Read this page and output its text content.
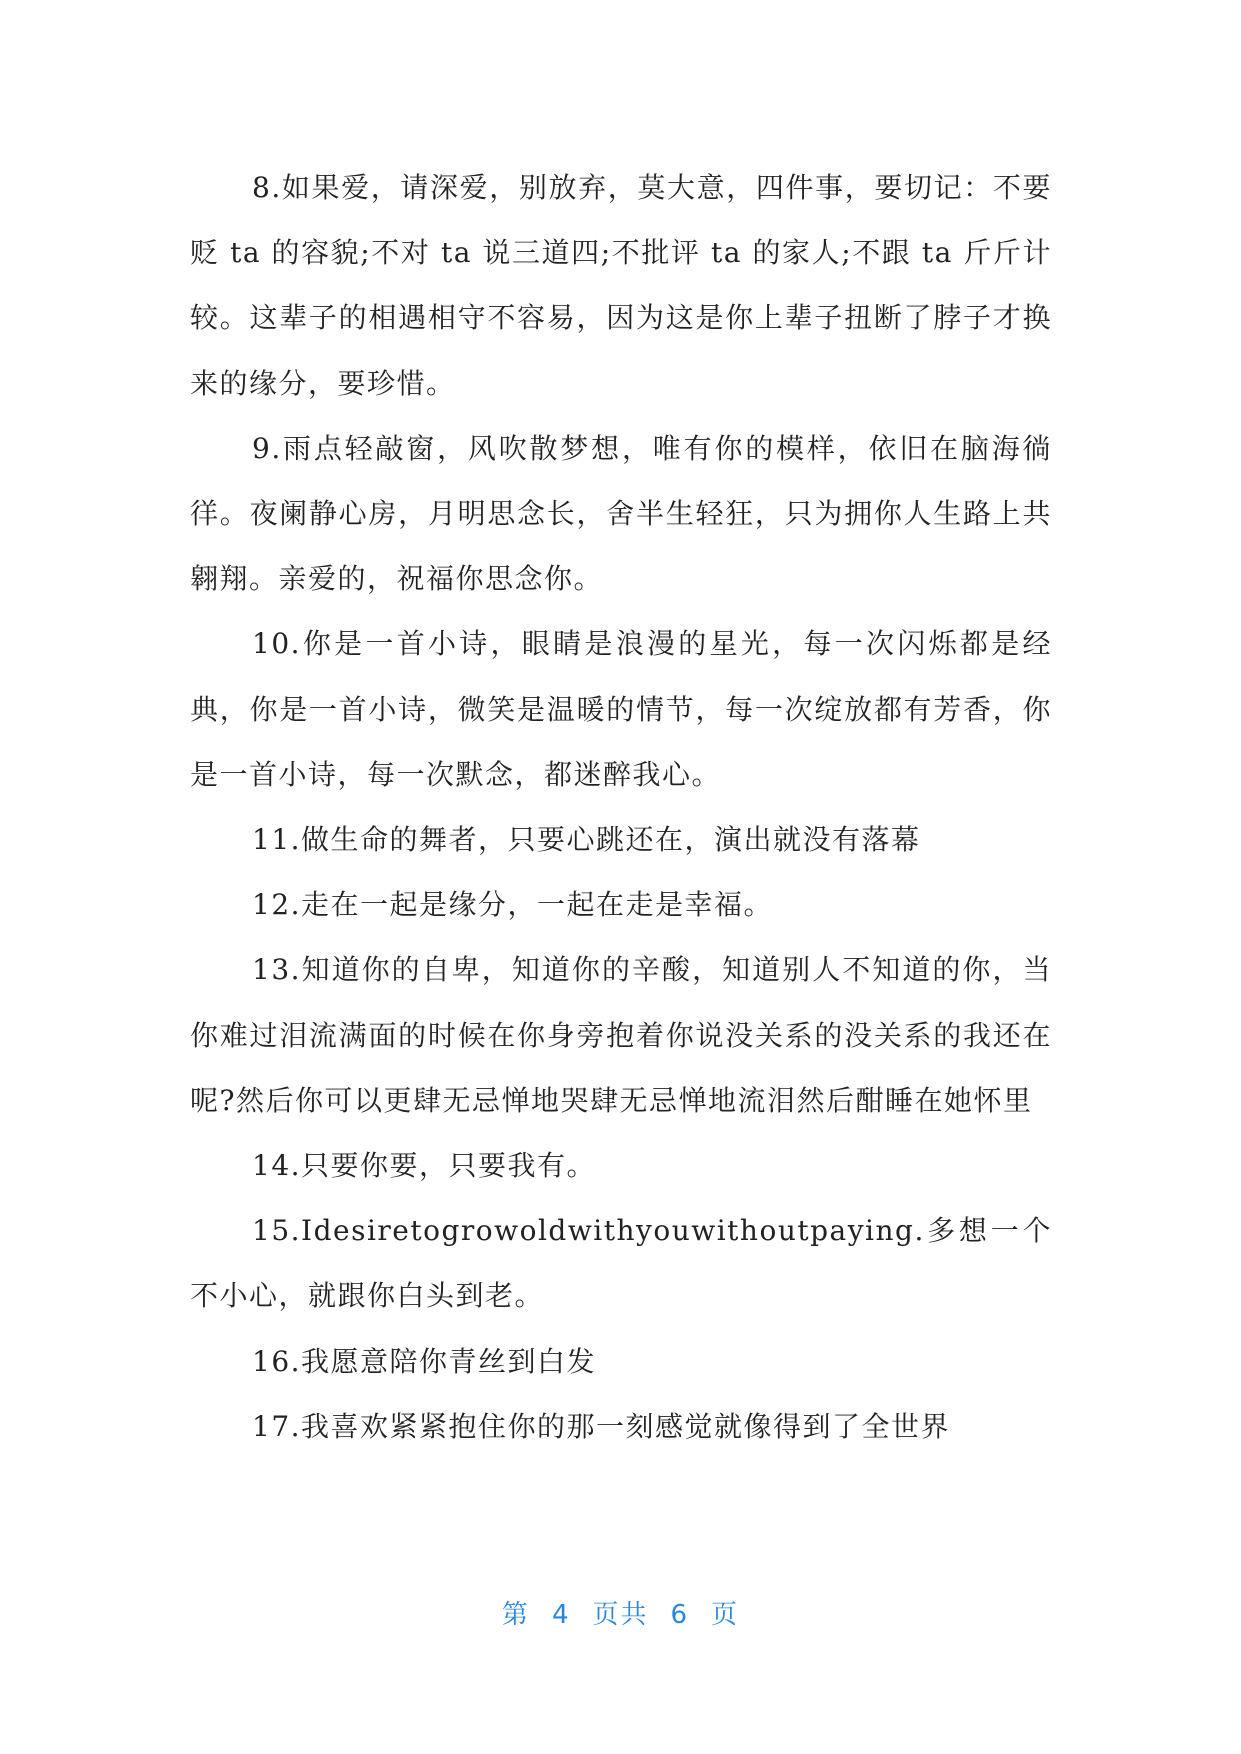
8.如果爱，请深爱，别放弃，莫大意，四件事，要切记：不要贬 ta 的容貌;不对 ta 说三道四;不批评 ta 的家人;不跟 ta 斤斤计较。这辈子的相遇相守不容易，因为这是你上辈子扭断了脖子才换来的缘分，要珍惜。

9.雨点轻敲窗，风吹散梦想，唯有你的模样，依旧在脑海徜徉。夜阑静心房，月明思念长，舍半生轻狂，只为拥你人生路上共翱翔。亲爱的，祝福你思念你。

10.你是一首小诗，眼睛是浪漫的星光，每一次闪烁都是经典，你是一首小诗，微笑是温暖的情节，每一次绽放都有芳香，你是一首小诗，每一次默念，都迷醉我心。

11.做生命的舞者，只要心跳还在，演出就没有落幕

12.走在一起是缘分，一起在走是幸福。

13.知道你的自卑，知道你的辛酸，知道别人不知道的你，当你难过泪流满面的时候在你身旁抱着你说没关系的没关系的我还在呢?然后你可以更肆无忌惮地哭肆无忌惮地流泪然后酣睡在她怀里

14.只要你要，只要我有。

15.Idesiretogrowoldwithyouwithoutpaying.多想一个不小心，就跟你白头到老。

16.我愿意陪你青丝到白发

17.我喜欢紧紧抱住你的那一刻感觉就像得到了全世界

第 4 页共 6 页
